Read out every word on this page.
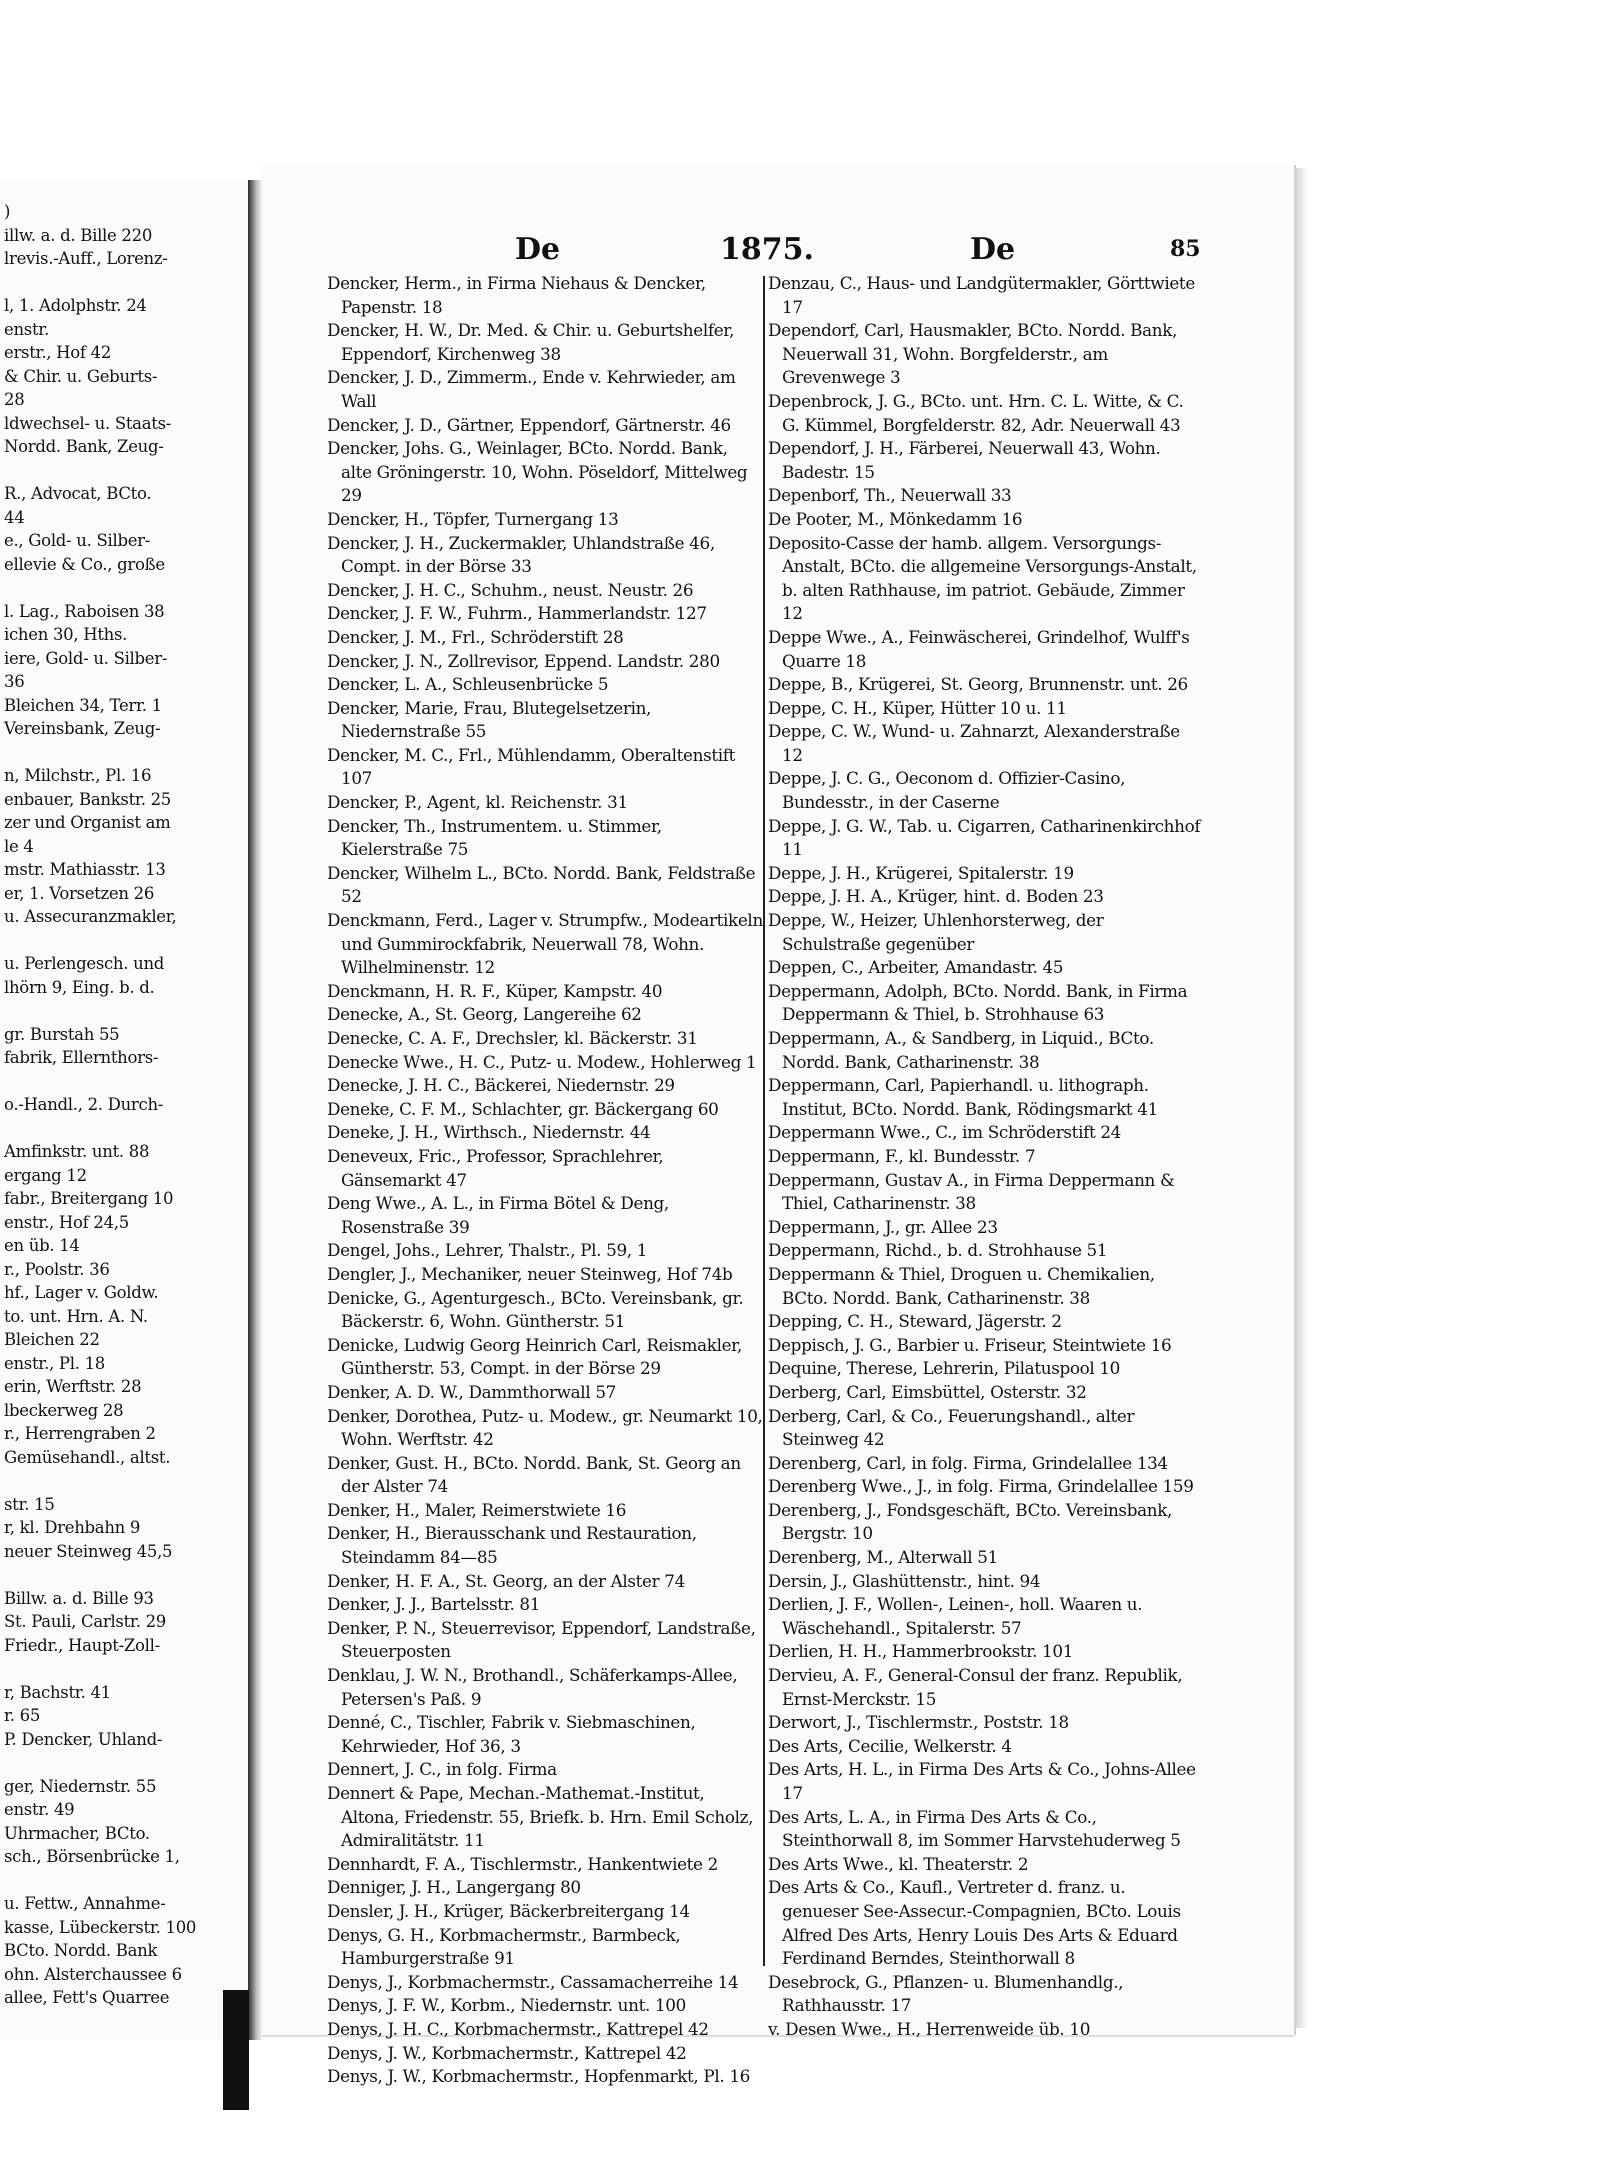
)
illw. a. d. Bille 220
lrevis.-Auff., Lorenz-
l, 1. Adolphstr. 24
enstr.
erstr., Hof 42
& Chir. u. Geburts-
28
ldwechsel- u. Staats-
Nordd. Bank, Zeug-
R., Advocat, BCto.
44
e., Gold- u. Silber-
ellevie & Co., große
l. Lag., Raboisen 38
ichen 30, Hths.
iere, Gold- u. Silber-
36
Bleichen 34, Terr. 1
Vereinsbank, Zeug-
n, Milchstr., Pl. 16
enbauer, Bankstr. 25
zer und Organist am
le 4
mstr. Mathiasstr. 13
er, 1. Vorsetzen 26
u. Assecuranzmakler,
u. Perlengesch. und
lhörn 9, Eing. b. d.
gr. Burstah 55
fabrik, Ellernthors-
o.-Handl., 2. Durch-
Amfinkstr. unt. 88
ergang 12
fabr., Breitergang 10
enstr., Hof 24,5
en üb. 14
r., Poolstr. 36
hf., Lager v. Goldw.
to. unt. Hrn. A. N.
Bleichen 22
enstr., Pl. 18
erin, Werftstr. 28
lbeckerweg 28
r., Herrengraben 2
Gemüsehandl., altst.
str. 15
r, kl. Drehbahn 9
neuer Steinweg 45,5
Billw. a. d. Bille 93
St. Pauli, Carlstr. 29
Friedr., Haupt-Zoll-
r, Bachstr. 41
r. 65
P. Dencker, Uhland-
ger, Niedernstr. 55
enstr. 49
Uhrmacher, BCto.
sch., Börsenbrücke 1,
u. Fettw., Annahme-
kasse, Lübeckerstr. 100
BCto. Nordd. Bank
ohn. Alsterchaussee 6
allee, Fett's Quarree
De	1875.	De	85

Dencker, Herm., in Firma Niehaus & Dencker, Papenstr. 18

Dencker, H. W., Dr. Med. & Chir. u. Geburtshelfer, Eppendorf, Kirchenweg 38

Dencker, J. D., Zimmerm., Ende v. Kehrwieder, am Wall

Dencker, J. D., Gärtner, Eppendorf, Gärtnerstr. 46

Dencker, Johs. G., Weinlager, BCto. Nordd. Bank, alte Gröningerstr. 10, Wohn. Pöseldorf, Mittelweg 29

Dencker, H., Töpfer, Turnergang 13

Dencker, J. H., Zuckermakler, Uhlandstraße 46, Compt. in der Börse 33

Dencker, J. H. C., Schuhm., neust. Neustr. 26

Dencker, J. F. W., Fuhrm., Hammerlandstr. 127

Dencker, J. M., Frl., Schröderstift 28

Dencker, J. N., Zollrevisor, Eppend. Landstr. 280

Dencker, L. A., Schleusenbrücke 5

Dencker, Marie, Frau, Blutegelsetzerin, Niedernstraße 55

Dencker, M. C., Frl., Mühlendamm, Oberaltenstift 107

Dencker, P., Agent, kl. Reichenstr. 31

Dencker, Th., Instrumentem. u. Stimmer, Kielerstraße 75

Dencker, Wilhelm L., BCto. Nordd. Bank, Feldstraße 52

Denckmann, Ferd., Lager v. Strumpfw., Modeartikeln und Gummirockfabrik, Neuerwall 78, Wohn. Wilhelminenstr. 12

Denckmann, H. R. F., Küper, Kampstr. 40

Denecke, A., St. Georg, Langereihe 62

Denecke, C. A. F., Drechsler, kl. Bäckerstr. 31

Denecke Wwe., H. C., Putz- u. Modew., Hohlerweg 1

Denecke, J. H. C., Bäckerei, Niedernstr. 29

Deneke, C. F. M., Schlachter, gr. Bäckergang 60

Deneke, J. H., Wirthsch., Niedernstr. 44

Deneveux, Fric., Professor, Sprachlehrer, Gänsemarkt 47

Deng Wwe., A. L., in Firma Bötel & Deng, Rosenstraße 39

Dengel, Johs., Lehrer, Thalstr., Pl. 59, 1

Dengler, J., Mechaniker, neuer Steinweg, Hof 74b

Denicke, G., Agenturgesch., BCto. Vereinsbank, gr. Bäckerstr. 6, Wohn. Güntherstr. 51

Denicke, Ludwig Georg Heinrich Carl, Reismakler, Güntherstr. 53, Compt. in der Börse 29

Denker, A. D. W., Dammthorwall 57

Denker, Dorothea, Putz- u. Modew., gr. Neumarkt 10, Wohn. Werftstr. 42

Denker, Gust. H., BCto. Nordd. Bank, St. Georg an der Alster 74

Denker, H., Maler, Reimerstwiete 16

Denker, H., Bierausschank und Restauration, Steindamm 84—85

Denker, H. F. A., St. Georg, an der Alster 74

Denker, J. J., Bartelsstr. 81

Denker, P. N., Steuerrevisor, Eppendorf, Landstraße, Steuerposten

Denklau, J. W. N., Brothandl., Schäferkamps-Allee, Petersen's Paß. 9

Denné, C., Tischler, Fabrik v. Siebmaschinen, Kehrwieder, Hof 36, 3

Dennert, J. C., in folg. Firma

Dennert & Pape, Mechan.-Mathemat.-Institut, Altona, Friedenstr. 55, Briefk. b. Hrn. Emil Scholz, Admiralitätstr. 11

Dennhardt, F. A., Tischlermstr., Hankentwiete 2

Denniger, J. H., Langergang 80

Densler, J. H., Krüger, Bäckerbreitergang 14

Denys, G. H., Korbmachermstr., Barmbeck, Hamburgerstraße 91

Denys, J., Korbmachermstr., Cassamacherreihe 14

Denys, J. F. W., Korbm., Niedernstr. unt. 100

Denys, J. H. C., Korbmachermstr., Kattrepel 42

Denys, J. W., Korbmachermstr., Kattrepel 42

Denys, J. W., Korbmachermstr., Hopfenmarkt, Pl. 16

Denzau, C., Haus- und Landgütermakler, Görttwiete 17

Dependorf, Carl, Hausmakler, BCto. Nordd. Bank, Neuerwall 31, Wohn. Borgfelderstr., am Grevenwege 3

Depenbrock, J. G., BCto. unt. Hrn. C. L. Witte, & C. G. Kümmel, Borgfelderstr. 82, Adr. Neuerwall 43

Dependorf, J. H., Färberei, Neuerwall 43, Wohn. Badestr. 15

Depenborf, Th., Neuerwall 33

De Pooter, M., Mönkedamm 16

Deposito-Casse der hamb. allgem. Versorgungs-Anstalt, BCto. die allgemeine Versorgungs-Anstalt, b. alten Rathhause, im patriot. Gebäude, Zimmer 12

Deppe Wwe., A., Feinwäscherei, Grindelhof, Wulff's Quarre 18

Deppe, B., Krügerei, St. Georg, Brunnenstr. unt. 26

Deppe, C. H., Küper, Hütter 10 u. 11

Deppe, C. W., Wund- u. Zahnarzt, Alexanderstraße 12

Deppe, J. C. G., Oeconom d. Offizier-Casino, Bundesstr., in der Caserne

Deppe, J. G. W., Tab. u. Cigarren, Catharinenkirchhof 11

Deppe, J. H., Krügerei, Spitalerstr. 19

Deppe, J. H. A., Krüger, hint. d. Boden 23

Deppe, W., Heizer, Uhlenhorsterweg, der Schulstraße gegenüber

Deppen, C., Arbeiter, Amandastr. 45

Deppermann, Adolph, BCto. Nordd. Bank, in Firma Deppermann & Thiel, b. Strohhause 63

Deppermann, A., & Sandberg, in Liquid., BCto. Nordd. Bank, Catharinenstr. 38

Deppermann, Carl, Papierhandl. u. lithograph. Institut, BCto. Nordd. Bank, Rödingsmarkt 41

Deppermann Wwe., C., im Schröderstift 24

Deppermann, F., kl. Bundesstr. 7

Deppermann, Gustav A., in Firma Deppermann & Thiel, Catharinenstr. 38

Deppermann, J., gr. Allee 23

Deppermann, Richd., b. d. Strohhause 51

Deppermann & Thiel, Droguen u. Chemikalien, BCto. Nordd. Bank, Catharinenstr. 38

Depping, C. H., Steward, Jägerstr. 2

Deppisch, J. G., Barbier u. Friseur, Steintwiete 16

Dequine, Therese, Lehrerin, Pilatuspool 10

Derberg, Carl, Eimsbüttel, Osterstr. 32

Derberg, Carl, & Co., Feuerungshandl., alter Steinweg 42

Derenberg, Carl, in folg. Firma, Grindelallee 134

Derenberg Wwe., J., in folg. Firma, Grindelallee 159

Derenberg, J., Fondsgeschäft, BCto. Vereinsbank, Bergstr. 10

Derenberg, M., Alterwall 51

Dersin, J., Glashüttenstr., hint. 94

Derlien, J. F., Wollen-, Leinen-, holl. Waaren u. Wäschehandl., Spitalerstr. 57

Derlien, H. H., Hammerbrookstr. 101

Dervieu, A. F., General-Consul der franz. Republik, Ernst-Merckstr. 15

Derwort, J., Tischlermstr., Poststr. 18

Des Arts, Cecilie, Welkerstr. 4

Des Arts, H. L., in Firma Des Arts & Co., Johns-Allee 17

Des Arts, L. A., in Firma Des Arts & Co., Steinthorwall 8, im Sommer Harvstehuderweg 5

Des Arts Wwe., kl. Theaterstr. 2

Des Arts & Co., Kaufl., Vertreter d. franz. u. genueser See-Assecur.-Compagnien, BCto. Louis Alfred Des Arts, Henry Louis Des Arts & Eduard Ferdinand Berndes, Steinthorwall 8

Desebrock, G., Pflanzen- u. Blumenhandlg., Rathhausstr. 17

v. Desen Wwe., H., Herrenweide üb. 10
